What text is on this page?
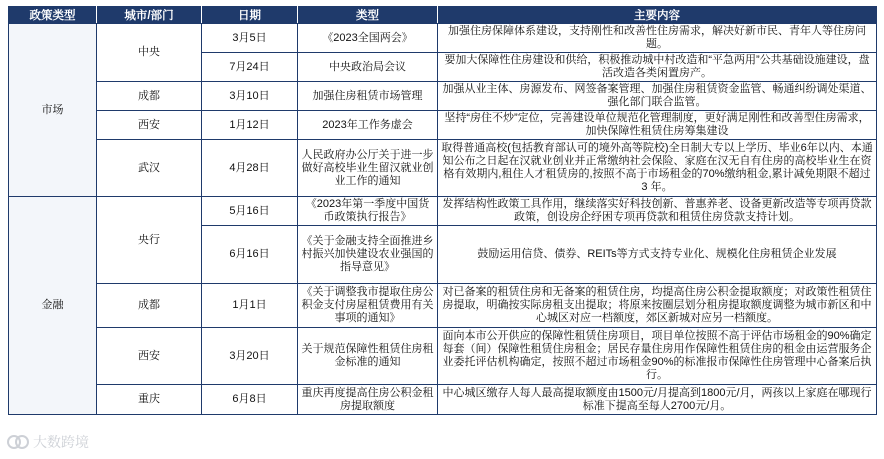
政策类型	城市/部门	日期	类型	主要内容
市场	中央	3月5日	《2023全国两会》	加强住房保障体系建设，支持刚性和改善性住房需求，解决好新市民、青年人等住房问题。
		7月24日	中央政治局会议	要加大保障性住房建设和供给，积极推动城中村改造和“平急两用”公共基础设施建设，盘活改造各类闲置房产。
	成都	3月10日	加强住房租赁市场管理	加强从业主体、房源发布、网签备案管理、加强住房租赁资金监管、畅通纠纷调处渠道、强化部门联合监管。
	西安	1月12日	2023年工作务虚会	坚持“房住不炒”定位，完善建设单位规范化管理制度，更好满足刚性和改善型住房需求，加快保障性租赁住房筹集建设
	武汉	4月28日	人民政府办公厅关于进一步做好高校毕业生留汉就业创业工作的通知	取得普通高校(包括教育部认可的境外高等院校)全日制大专以上学历、毕业6年以内、本通知公布之日起在汉就业创业并正常缴纳社会保险、家庭在汉无自有住房的高校毕业生在资格有效期内,租住人才租赁房的,按照不高于市场租金的70%缴纳租金,累计减免期限不超过 3 年。
金融	央行	5月16日	《2023年第一季度中国货币政策执行报告》	发挥结构性政策工具作用，继续落实好科技创新、普惠养老、设备更新改造等专项再贷款政策，创设房企纾困专项再贷款和租赁住房贷款支持计划。
		6月16日	《关于金融支持全面推进乡村振兴加快建设农业强国的指导意见》	鼓励运用信贷、债券、REITs等方式支持专业化、规模化住房租赁企业发展
	成都	1月1日	《关于调整我市提取住房公积金支付房屋租赁费用有关事项的通知》	对已备案的租赁住房和无备案的租赁住房，均提高住房公积金提取额度；对政策性租赁住房提取，明确按实际房租支出提取；将原来按圈层划分租房提取额度调整为城市新区和中心城区对应一档额度，郊区新城对应另一档额度。
	西安	3月20日	关于规范保障性租赁住房租金标准的通知	面向本市公开供应的保障性租赁住房项目，项目单位按照不高于评估市场租金的90%确定每套（间）保障性租赁住房租金；居民存量住房用作保障性租赁住房的租金由运营服务企业委托评估机构确定，按照不超过市场租金90%的标准报市保障性住房管理中心备案后执行。
	重庆	6月8日	重庆再度提高住房公积金租房提取额度	中心城区缴存人每人最高提取额度由1500元/月提高到1800元/月，两孩以上家庭在哪现行标准下提高至每人2700元/月。
大数跨境
